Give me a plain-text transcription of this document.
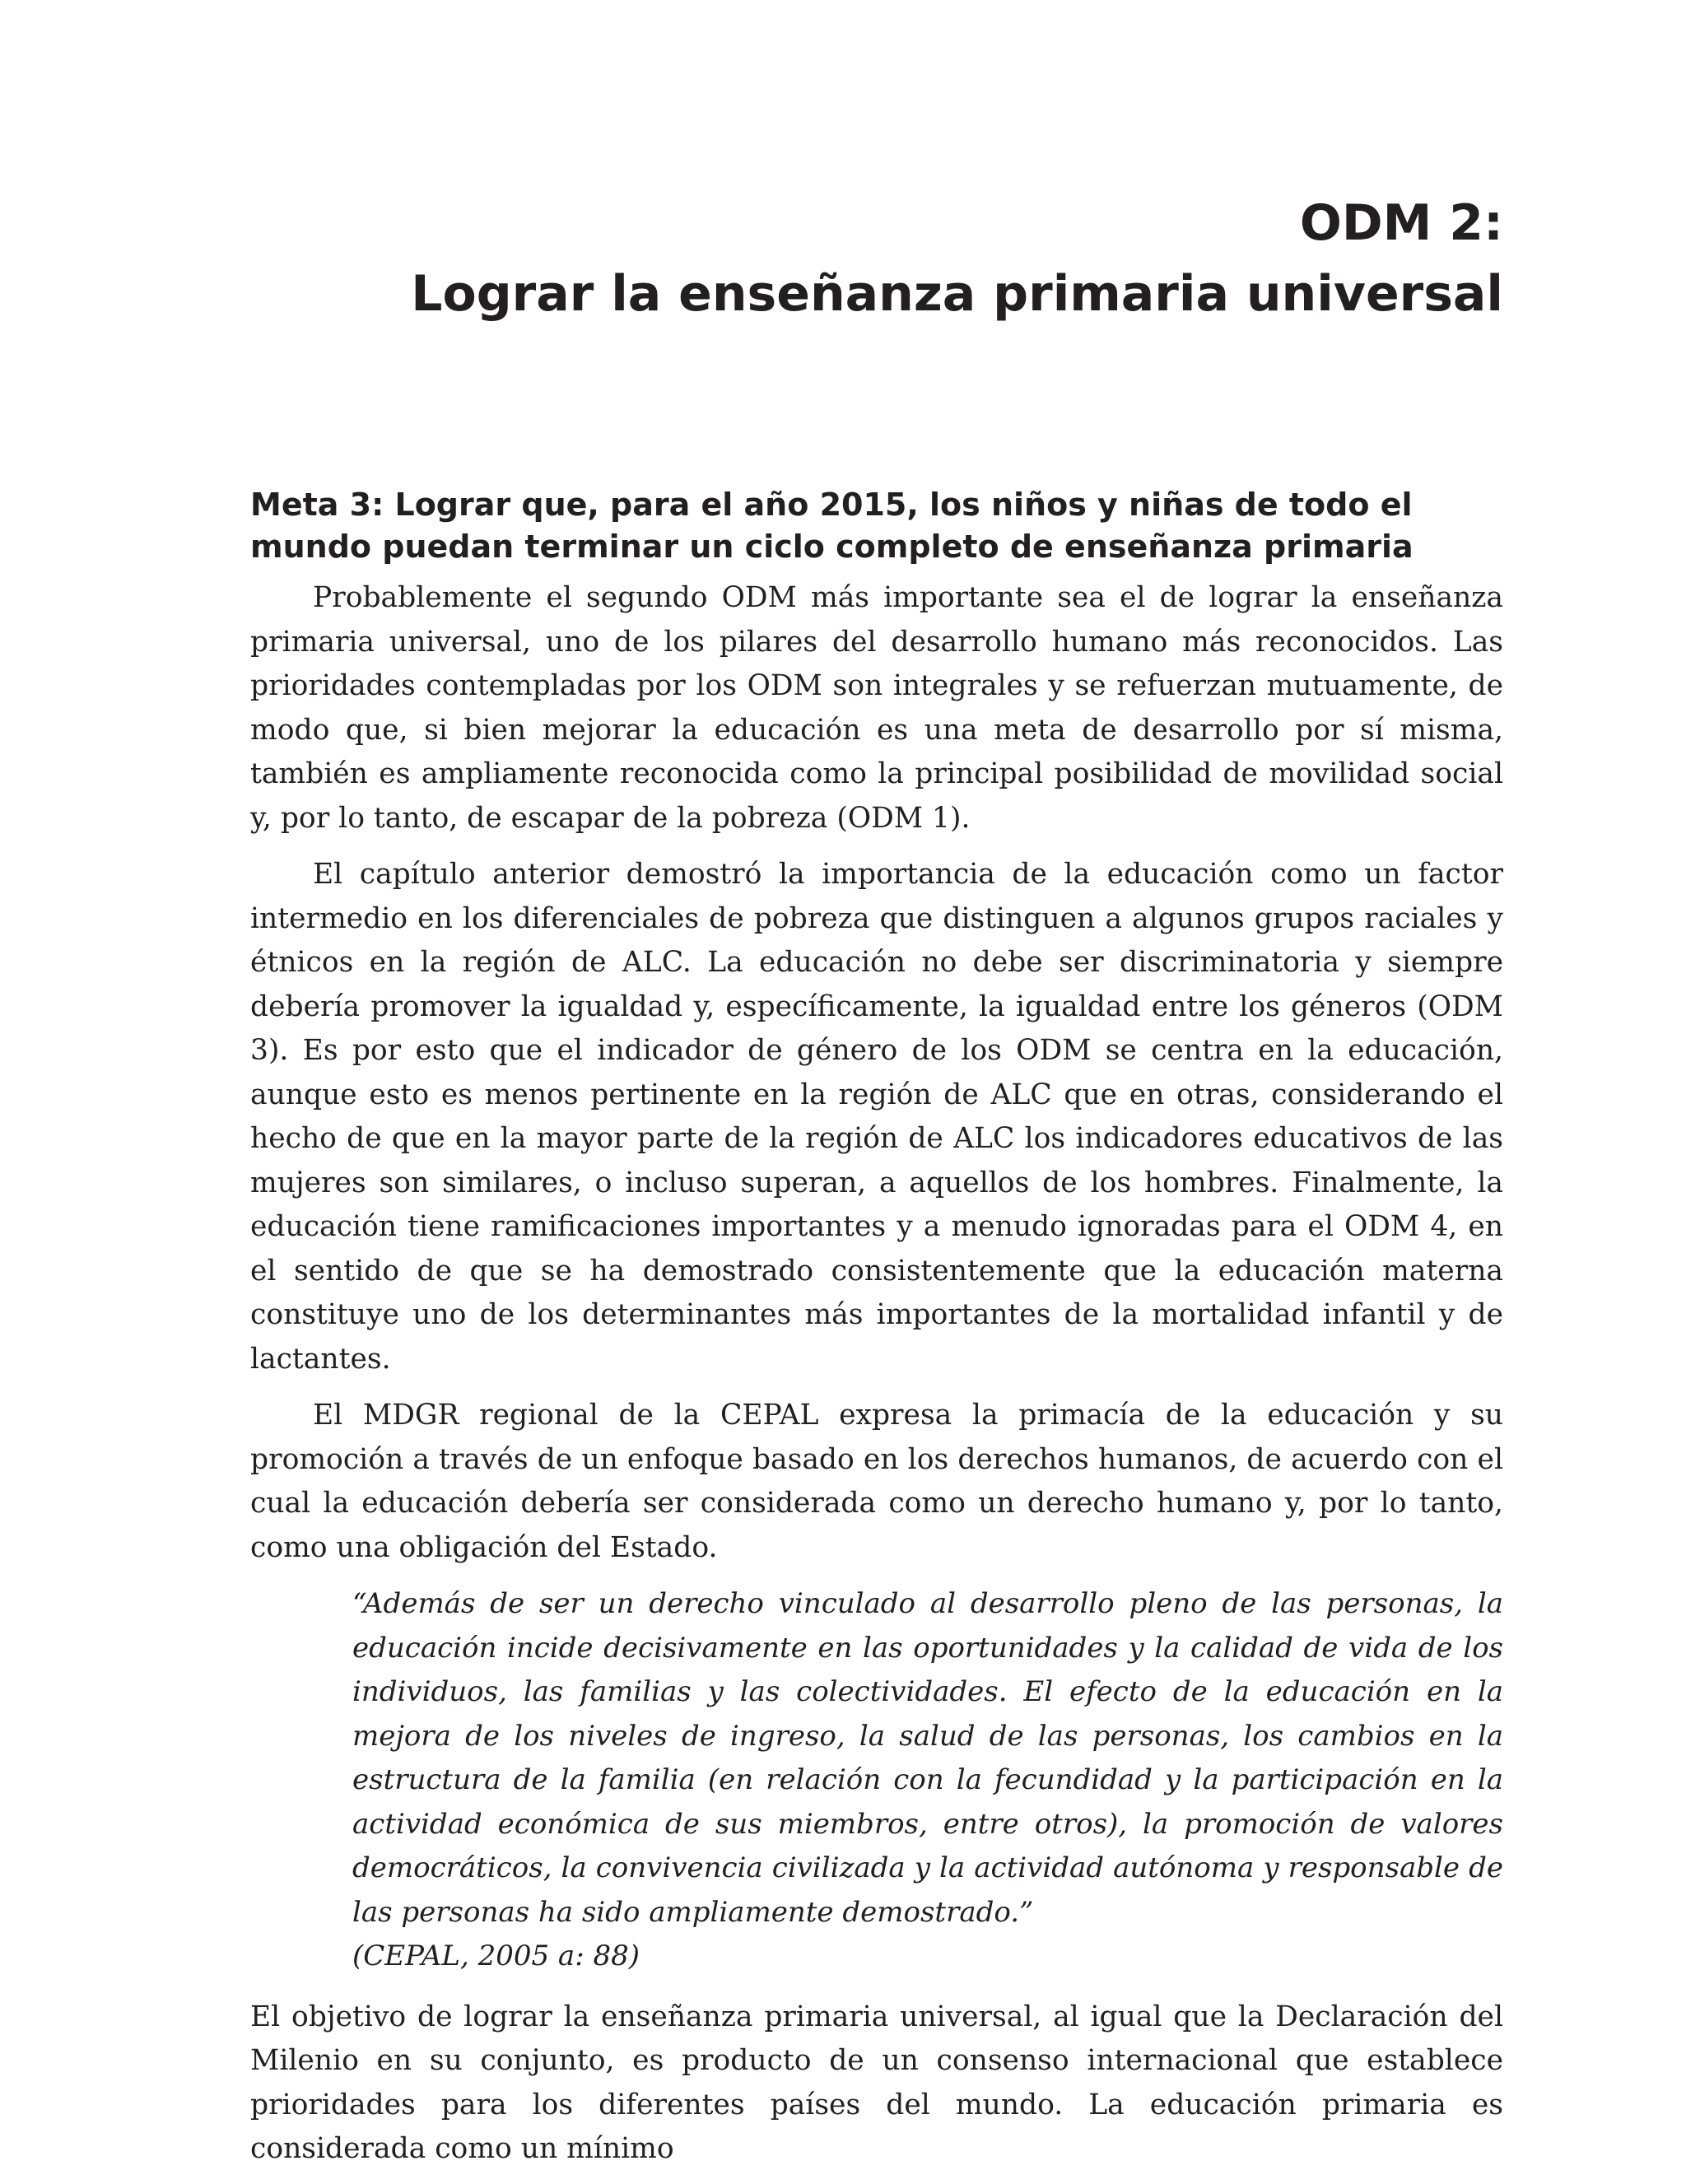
ODM 2:
Lograr la enseñanza primaria universal
Meta 3: Lograr que, para el año 2015, los niños y niñas de todo el mundo puedan terminar un ciclo completo de enseñanza primaria

Probablemente el segundo ODM más importante sea el de lograr la enseñanza primaria universal, uno de los pilares del desarrollo humano más reconocidos. Las prioridades contempladas por los ODM son integrales y se refuerzan mutuamente, de modo que, si bien mejorar la educación es una meta de desarrollo por sí misma, también es ampliamente reconocida como la principal posibilidad de movilidad social y, por lo tanto, de escapar de la pobreza (ODM 1).

El capítulo anterior demostró la importancia de la educación como un factor intermedio en los diferenciales de pobreza que distinguen a algunos grupos raciales y étnicos en la región de ALC. La educación no debe ser discriminatoria y siempre debería promover la igualdad y, específicamente, la igualdad entre los géneros (ODM 3). Es por esto que el indicador de género de los ODM se centra en la educación, aunque esto es menos pertinente en la región de ALC que en otras, considerando el hecho de que en la mayor parte de la región de ALC los indicadores educativos de las mujeres son similares, o incluso superan, a aquellos de los hombres. Finalmente, la educación tiene ramificaciones importantes y a menudo ignoradas para el ODM 4, en el sentido de que se ha demostrado consistentemente que la educación materna constituye uno de los determinantes más importantes de la mortalidad infantil y de lactantes.

El MDGR regional de la CEPAL expresa la primacía de la educación y su promoción a través de un enfoque basado en los derechos humanos, de acuerdo con el cual la educación debería ser considerada como un derecho humano y, por lo tanto, como una obligación del Estado.

“Además de ser un derecho vinculado al desarrollo pleno de las personas, la educación incide decisivamente en las oportunidades y la calidad de vida de los individuos, las familias y las colectividades. El efecto de la educación en la mejora de los niveles de ingreso, la salud de las personas, los cambios en la estructura de la familia (en relación con la fecundidad y la participación en la actividad económica de sus miembros, entre otros), la promoción de valores democráticos, la convivencia civilizada y la actividad autónoma y responsable de las personas ha sido ampliamente demostrado.”

(CEPAL, 2005 a: 88)

El objetivo de lograr la enseñanza primaria universal, al igual que la Declaración del Milenio en su conjunto, es producto de un consenso internacional que establece prioridades para los diferentes países del mundo. La educación primaria es considerada como un mínimo
